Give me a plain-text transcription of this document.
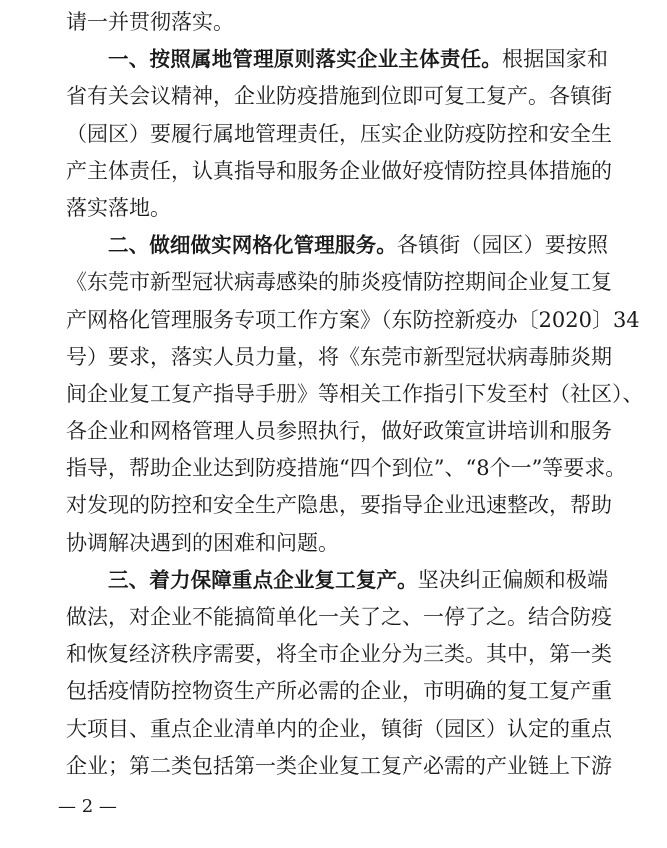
请一并贯彻落实。
一、按照属地管理原则落实企业主体责任。根据国家和
省有关会议精神，企业防疫措施到位即可复工复产。各镇街
（园区）要履行属地管理责任，压实企业防疫防控和安全生
产主体责任，认真指导和服务企业做好疫情防控具体措施的
落实落地。
二、做细做实网格化管理服务。各镇街（园区）要按照
《东莞市新型冠状病毒感染的肺炎疫情防控期间企业复工复
产网格化管理服务专项工作方案》（东防控新疫办〔2020〕34
号）要求，落实人员力量，将《东莞市新型冠状病毒肺炎期
间企业复工复产指导手册》等相关工作指引下发至村（社区）、
各企业和网格管理人员参照执行，做好政策宣讲培训和服务
指导，帮助企业达到防疫措施“四个到位”、“8个一”等要求。
对发现的防控和安全生产隐患，要指导企业迅速整改，帮助
协调解决遇到的困难和问题。
三、着力保障重点企业复工复产。坚决纠正偏颇和极端
做法，对企业不能搞简单化一关了之、一停了之。结合防疫
和恢复经济秩序需要，将全市企业分为三类。其中，第一类
包括疫情防控物资生产所必需的企业，市明确的复工复产重
大项目、重点企业清单内的企业，镇街（园区）认定的重点
企业；第二类包括第一类企业复工复产必需的产业链上下游
— 2 —
